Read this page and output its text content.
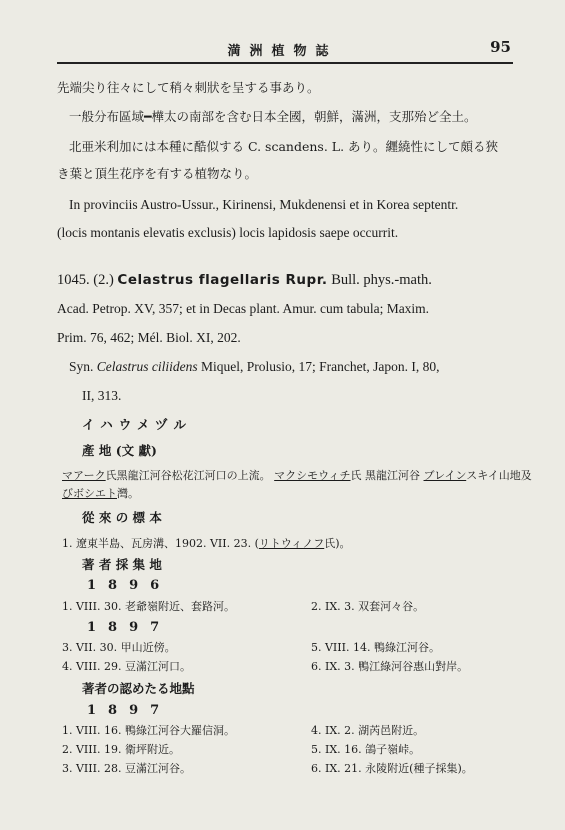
満洲植物誌	95
先端尖り往々にして稍々刺狀を呈する事あり。
一般分布區域━樺太の南部を含む日本全國，朝鮮，滿洲，支那殆ど全土。
北亜米利加には本種に酷似する C. scandens. L. あり。纒繞性にして頗る狹
き葉と頂生花序を有する植物なり。
In provinciis Austro-Ussur., Kirinensi, Mukdenensi et in Korea septentr.
(locis montanis elevatis exclusis) locis lapidosis saepe occurrit.
1045. (2.) Celastrus flagellaris Rupr. Bull. phys.-math.
Acad. Petrop. XV, 357; et in Decas plant. Amur. cum tabula; Maxim.
Prim. 76, 462; Mél. Biol. XI, 202.
Syn. Celastrus ciliidens Miquel, Prolusio, 17; Franchet, Japon. I, 80,
II, 313.
イハウメヅル
產 地 (文 獻)
マアーク氏黑龍江河谷松花江河口の上流。 マクシモウィチ氏 黑龍江河谷 ブレインスキイ山地及
びボシエト灣。
從 來 の 標 本
1. 遼東半島、瓦房溝、1902. VII. 23. (リトウィノフ氏)。
著 者 採 集 地
1896
1. VIII. 30. 老爺嶺附近、套路河。	2. IX. 3. 双套河々谷。
1897
3. VII. 30. 甲山近傍。	5. VIII. 14. 鴨綠江河谷。
4. VIII. 29. 豆滿江河口。	6. IX. 3. 鴨江綠河谷惠山對岸。
著者の認めたる地點
1897
1. VIII. 16. 鴨綠江河谷大羅信洞。	4. IX. 2. 湖芮邑附近。
2. VIII. 19. 衛坪附近。	5. IX. 16. 鴿子嶺峠。
3. VIII. 28. 豆滿江河谷。	6. IX. 21. 永陵附近(種子採集)。
